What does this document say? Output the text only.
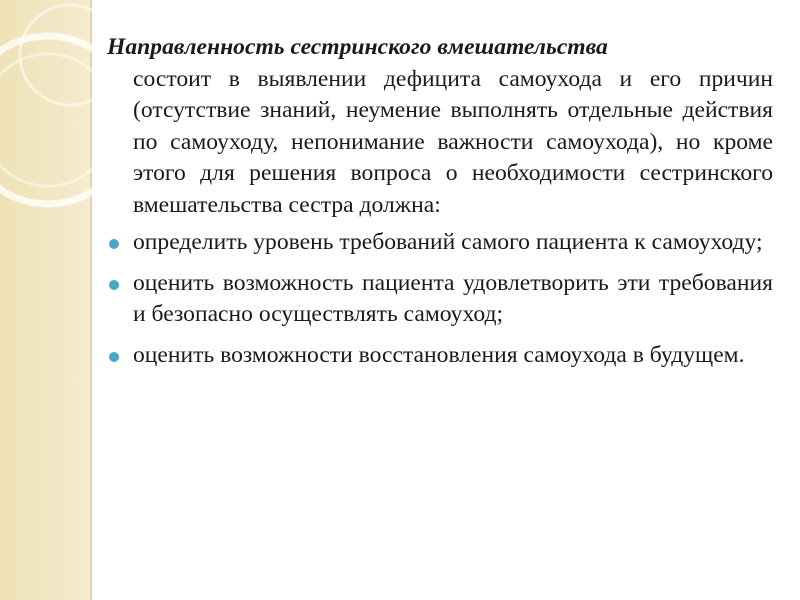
Направленность сестринского вмешательства
состоит в выявлении дефицита самоухода и его причин (отсутствие знаний, неумение выполнять отдельные действия по самоуходу, непонимание важности самоухода), но кроме этого для решения вопроса о необходимости сестринского вмешательства сестра должна:

определить уровень требований самого пациента к самоуходу;
оценить возможность пациента удовлетворить эти требования и безопасно осуществлять самоуход;
оценить возможности восстановления самоухода в будущем.
